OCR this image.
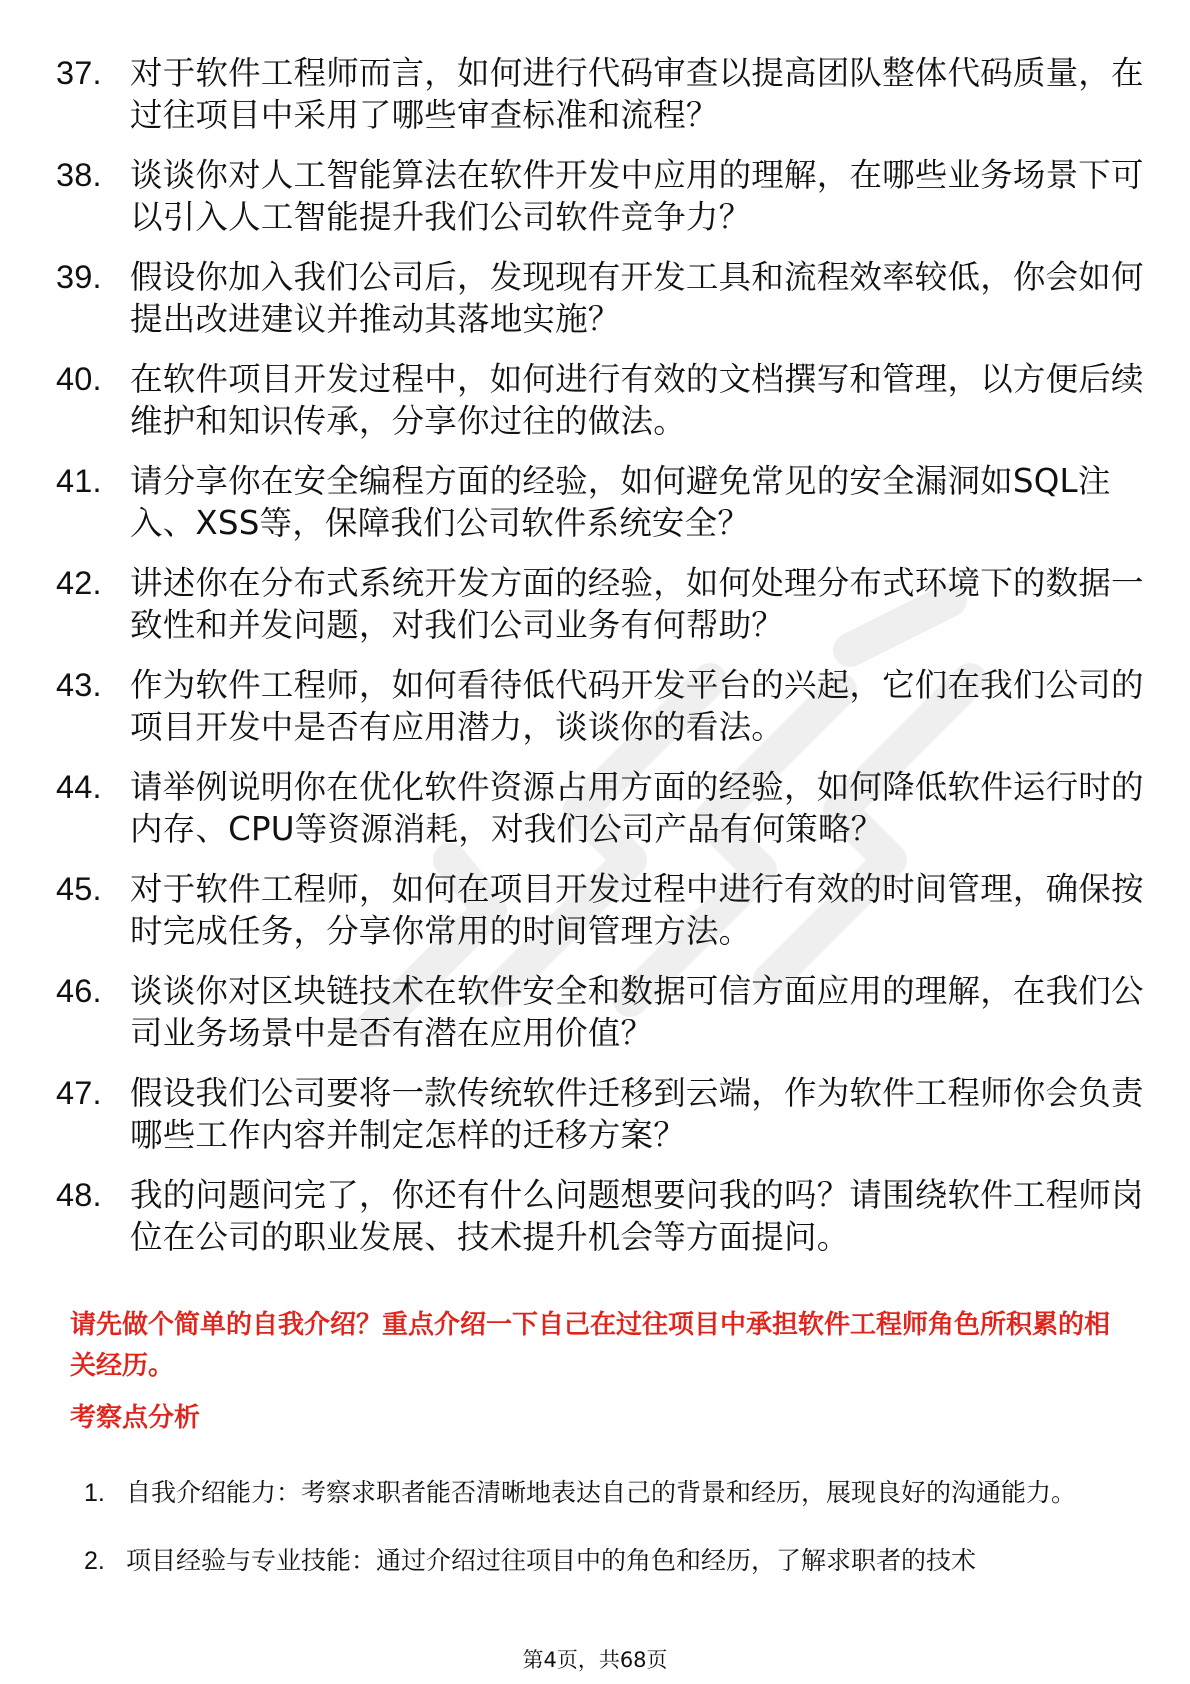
37. 对于软件工程师而言，如何进行代码审查以提高团队整体代码质量，在过往项目中采用了哪些审查标准和流程？
38. 谈谈你对人工智能算法在软件开发中应用的理解，在哪些业务场景下可以引入人工智能提升我们公司软件竞争力？
39. 假设你加入我们公司后，发现现有开发工具和流程效率较低，你会如何提出改进建议并推动其落地实施？
40. 在软件项目开发过程中，如何进行有效的文档撰写和管理，以方便后续维护和知识传承，分享你过往的做法。
41. 请分享你在安全编程方面的经验，如何避免常见的安全漏洞如SQL注入、XSS等，保障我们公司软件系统安全？
42. 讲述你在分布式系统开发方面的经验，如何处理分布式环境下的数据一致性和并发问题，对我们公司业务有何帮助？
43. 作为软件工程师，如何看待低代码开发平台的兴起，它们在我们公司的项目开发中是否有应用潜力，谈谈你的看法。
44. 请举例说明你在优化软件资源占用方面的经验，如何降低软件运行时的内存、CPU等资源消耗，对我们公司产品有何策略？
45. 对于软件工程师，如何在项目开发过程中进行有效的时间管理，确保按时完成任务，分享你常用的时间管理方法。
46. 谈谈你对区块链技术在软件安全和数据可信方面应用的理解，在我们公司业务场景中是否有潜在应用价值？
47. 假设我们公司要将一款传统软件迁移到云端，作为软件工程师你会负责哪些工作内容并制定怎样的迁移方案？
48. 我的问题问完了，你还有什么问题想要问我的吗？请围绕软件工程师岗位在公司的职业发展、技术提升机会等方面提问。

请先做个简单的自我介绍？重点介绍一下自己在过往项目中承担软件工程师角色所积累的相关经历。

考察点分析

1. 自我介绍能力：考察求职者能否清晰地表达自己的背景和经历，展现良好的沟通能力。
2. 项目经验与专业技能：通过介绍过往项目中的角色和经历，了解求职者的技术
第4页，共68页
